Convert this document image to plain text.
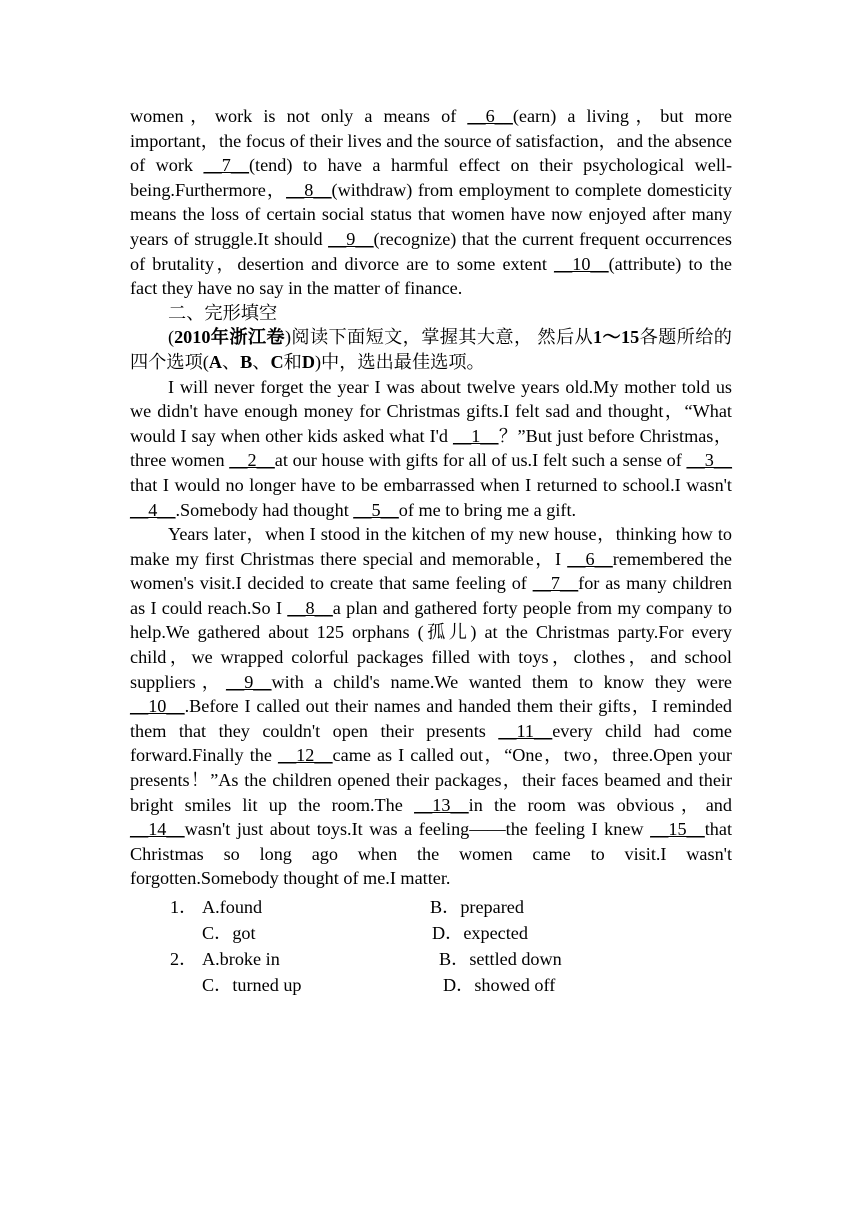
women，work is not only a means of __6__(earn) a living，but more important，the focus of their lives and the source of satisfaction，and the absence of work __7__(tend) to have a harmful effect on their psychological well-being.Furthermore，__8__(withdraw) from employment to complete domesticity means the loss of certain social status that women have now enjoyed after many years of struggle.It should __9__(recognize) that the current frequent occurrences of brutality，desertion and divorce are to some extent __10__(attribute) to the fact they have no say in the matter of finance.

二、完形填空

(2010年浙江卷)阅读下面短文，掌握其大意， 然后从1～15各题所给的四个选项(A、B、C和D)中，选出最佳选项。

I will never forget the year I was about twelve years old.My mother told us we didn't have enough money for Christmas gifts.I felt sad and thought，“What would I say when other kids asked what I'd __1__？”But just before Christmas，three women __2__at our house with gifts for all of us.I felt such a sense of __3__ that I would no longer have to be embarrassed when I returned to school.I wasn't __4__.Somebody had thought __5__of me to bring me a gift.

Years later，when I stood in the kitchen of my new house，thinking how to make my first Christmas there special and memorable，I __6__remembered the women's visit.I decided to create that same feeling of __7__for as many children as I could reach.So I __8__a plan and gathered forty people from my company to help.We gathered about 125 orphans (孤儿) at the Christmas party.For every child，we wrapped colorful packages filled with toys，clothes，and school suppliers，__9__with a child's name.We wanted them to know they were __10__.Before I called out their names and handed them their gifts，I reminded them that they couldn't open their presents __11__every child had come forward.Finally the __12__came as I called out，“One，two，three.Open your presents！”As the children opened their packages，their faces beamed and their bright smiles lit up the room.The __13__in the room was obvious，and __14__wasn't just about toys.It was a feeling——the feeling I knew __15__that Christmas so long ago when the women came to visit.I wasn't forgotten.Somebody thought of me.I matter.

1． A.found	B．prepared
C．got	D．expected
2． A.broke in	B．settled down
C．turned up	D．showed off
